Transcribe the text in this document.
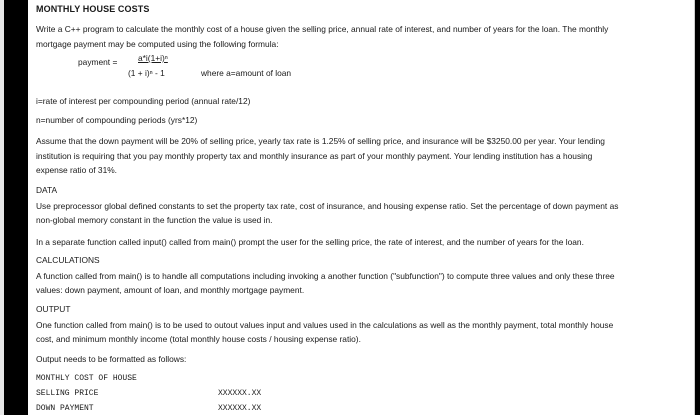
MONTHLY HOUSE COSTS
Write a C++ program to calculate the monthly cost of a house given the selling price, annual rate of interest, and number of years for the loan. The monthly
mortgage payment may be computed using the following formula:
payment = a*i(1+i)ⁿ
(1 + i)ⁿ - 1	where a=amount of loan
i=rate of interest per compounding period (annual rate/12)
n=number of compounding periods (yrs*12)
Assume that the down payment will be 20% of selling price, yearly tax rate is 1.25% of selling price, and insurance will be $3250.00 per year. Your lending
institution is requiring that you pay monthly property tax and monthly insurance as part of your monthly payment. Your lending institution has a housing
expense ratio of 31%.
DATA
Use preprocessor global defined constants to set the property tax rate, cost of insurance, and housing expense ratio. Set the percentage of down payment as
non-global memory constant in the function the value is used in.
In a separate function called input() called from main() prompt the user for the selling price, the rate of interest, and the number of years for the loan.
CALCULATIONS
A function called from main() is to handle all computations including invoking a another function ("subfunction") to compute three values and only these three
values: down payment, amount of loan, and monthly mortgage payment.
OUTPUT
One function called from main() is to be used to outout values input and values used in the calculations as well as the monthly payment, total monthly house
cost, and minimum monthly income (total monthly house costs / housing expense ratio).
Output needs to be formatted as follows:
MONTHLY COST OF HOUSE
SELLING PRICE	XXXXXX.XX
DOWN PAYMENT	XXXXXX.XX
